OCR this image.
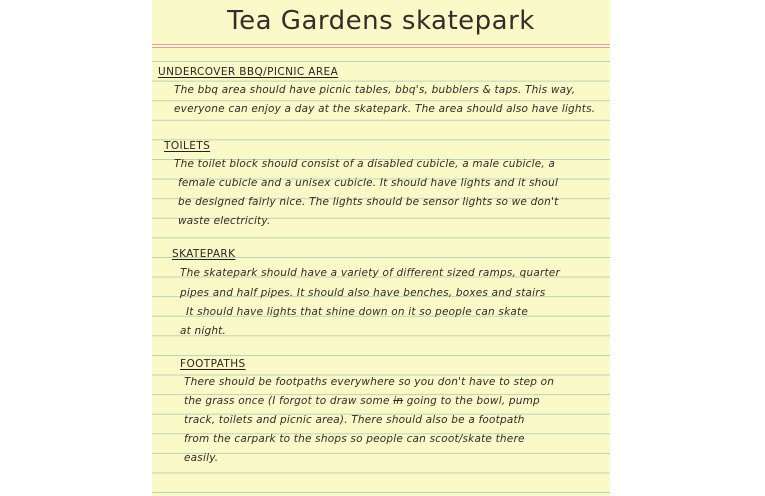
Tea Gardens skatepark
UNDERCOVER BBQ/PICNIC AREA
The bbq area should have picnic tables, bbq's, bubblers & taps. This way,
everyone can enjoy a day at the skatepark. The area should also have lights.
TOILETS
The toilet block should consist of a disabled cubicle, a male cubicle, a
female cubicle and a unisex cubicle. It should have lights and it shoul
be designed fairly nice. The lights should be sensor lights so we don't
waste electricity.
SKATEPARK
The skatepark should have a variety of different sized ramps, quarter
pipes and half pipes. It should also have benches, boxes and stairs
It should have lights that shine down on it so people can skate
at night.
FOOTPATHS
There should be footpaths everywhere so you don't have to step on
the grass once (I forgot to draw some in going to the bowl, pump
track, toilets and picnic area). There should also be a footpath
from the carpark to the shops so people can scoot/skate there
easily.
